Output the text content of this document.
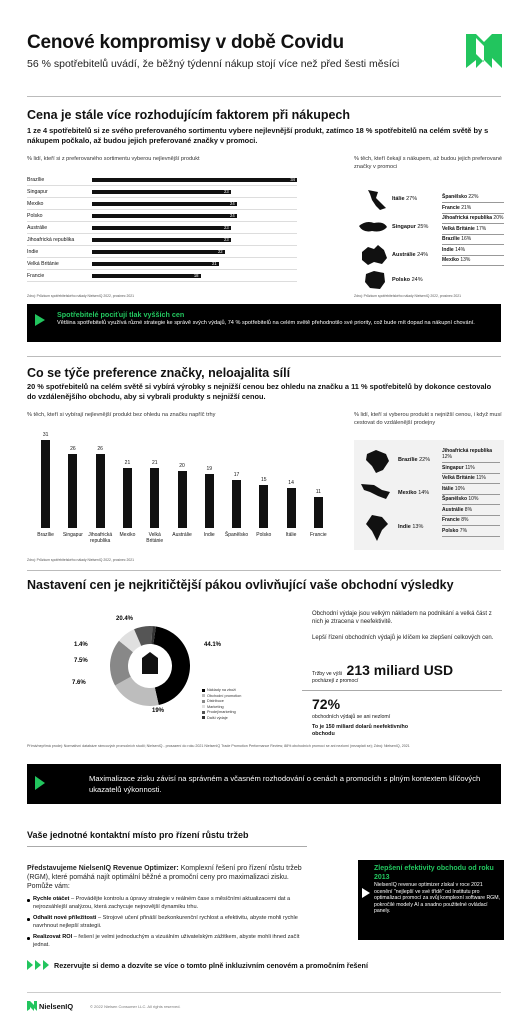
Cenové kompromisy v době Covidu
56 % spotřebitelů uvádí, že běžný týdenní nákup stojí více než před šesti měsíci
Cena je stále více rozhodujícím faktorem při nákupech
1 ze 4 spotřebitelů si ze svého preferovaného sortimentu vybere nejlevnější produkt, zatímco 18 % spotřebitelů na celém světě by s nákupem počkalo, až budou jejich preferované značky v promoci.
% lidí, kteří si z preferovaného sortimentu vyberou nejlevnější produkt	% těch, kteří čekají s nákupem, až budou jejich preferované značky v promoci
Brazílie	34
Singapur	23
Mexiko	24
Polsko	24
Austrálie	23
Jihoafrická republika	23
Indie	22
Velká Británie	21
Francie	18
Zdroj: Průzkum spotřebitelského nálady NielsenIQ 2022, prosinec 2021
Itálie 27%
Singapur 25%
Austrálie 24%
Polsko 24%
Španělsko 22%
Francie 21%
Jihoafrická republika 20%
Velká Británie 17%
Brazílie 16%
Indie 14%
Mexiko 13%
Zdroj: Průzkum spotřebitelského nálady NielsenIQ 2022, prosinec 2021
Spotřebitelé pociťují tlak vyšších cen
Většina spotřebitelů využívá různé strategie ke správě svých výdajů, 74 % spotřebitelů na celém světě přehodnotilo své priority, což bude mít dopad na nákupní chování.
Co se týče preference značky, neloajalita sílí
20 % spotřebitelů na celém světě si vybírá výrobky s nejnižší cenou bez ohledu na značku a 11 % spotřebitelů by dokonce cestovalo do vzdálenějšího obchodu, aby si vybrali produkty s nejnižší cenou.
% těch, kteří si vybírají nejlevnější produkt bez ohledu na značku napříč trhy	% lidí, kteří si vyberou produkt s nejnižší cenou, i když musí cestovat do vzdálenější prodejny
31
Brazílie
26
Singapur
26
Jihoafrická republika
21
Mexiko
21
Velká Británie
20
Austrálie
19
Indie
17
Španělsko
15
Polsko
14
Itálie
11
Francie
Zdroj: Průzkum spotřebitelského nálady NielsenIQ 2022, prosinec 2021
Brazílie 22%
Mexiko 14%
Indie 13%
Jihoafrická republika 12%
Singapur 11%
Velká Británie 11%
Itálie 10%
Španělsko 10%
Austrálie 8%
Francie 8%
Polsko 7%
Nastavení cen je nejkritičtější pákou ovlivňující vaše obchodní výsledky
20.4%
44.1%
19%
7.6%
7.5%
1.4%
Náklady na zboží
Obchodní promotion
Distribuce
Marketing
Prodej/marketing
Další výdaje
Obchodní výdaje jsou velkým nákladem na podnikání a velká část z nich je ztracena v neefektivitě.
Lepší řízení obchodních výdajů je klíčem ke zlepšení celkových cen.
Tržby ve výši 213 miliard USD
pocházejí z promocí
72%
obchodních výdajů se ani nezlomí
To je 150 miliard dolarů neefektivního obchodu
Přímá/nepřímá prodej: Normativní databáze rámcových promočních studií; NielsenIQ - prosazení do roku 2021 NielsenIQ Trade Promotion Performance Review; 88% obchodních promocí se ani nezlomí (nezaplatí se); Zdroj: NielsenIQ, 2021
Maximalizace zisku závisí na správném a včasném rozhodování o cenách a promocích s plným kontextem klíčových ukazatelů výkonnosti.
Vaše jednotné kontaktní místo pro řízení růstu tržeb
Představujeme NielsenIQ Revenue Optimizer: Komplexní řešení pro řízení růstu tržeb (RGM), které pomáhá najít optimální běžné a promoční ceny pro maximalizaci zisku. Pomůže vám:
Rychle otáčet – Provádějte kontrolu a úpravy strategie v reálném čase s měsíčními aktualizacemi dat a nejrozsáhlejší analýzou, která zachycuje nejnovější dynamiku trhu.
Odhalit nové příležitosti – Strojové učení přináší bezkonkurenční rychlost a efektivitu, abyste mohli rychle navrhnout nejlepší strategii.
Realizovat ROI – řešení je velmi jednoduchým a vizuálním uživatelským zážitkem, abyste mohli ihned začít jednat.
Zlepšení efektivity obchodu od roku 2013
NielsenIQ revenue optimizer získal v roce 2021 ocenění "nejlepší ve své třídě" od Institutu pro optimalizaci promocí za svůj komplexní software RGM, pokročilé modely AI a snadno použitelné ovládací panely.
Rezervujte si demo a dozvíte se více o tomto plně inkluzivním cenovém a promočním řešení
NielsenIQ	© 2022 Nielsen Consumer LLC. All rights reserved.
